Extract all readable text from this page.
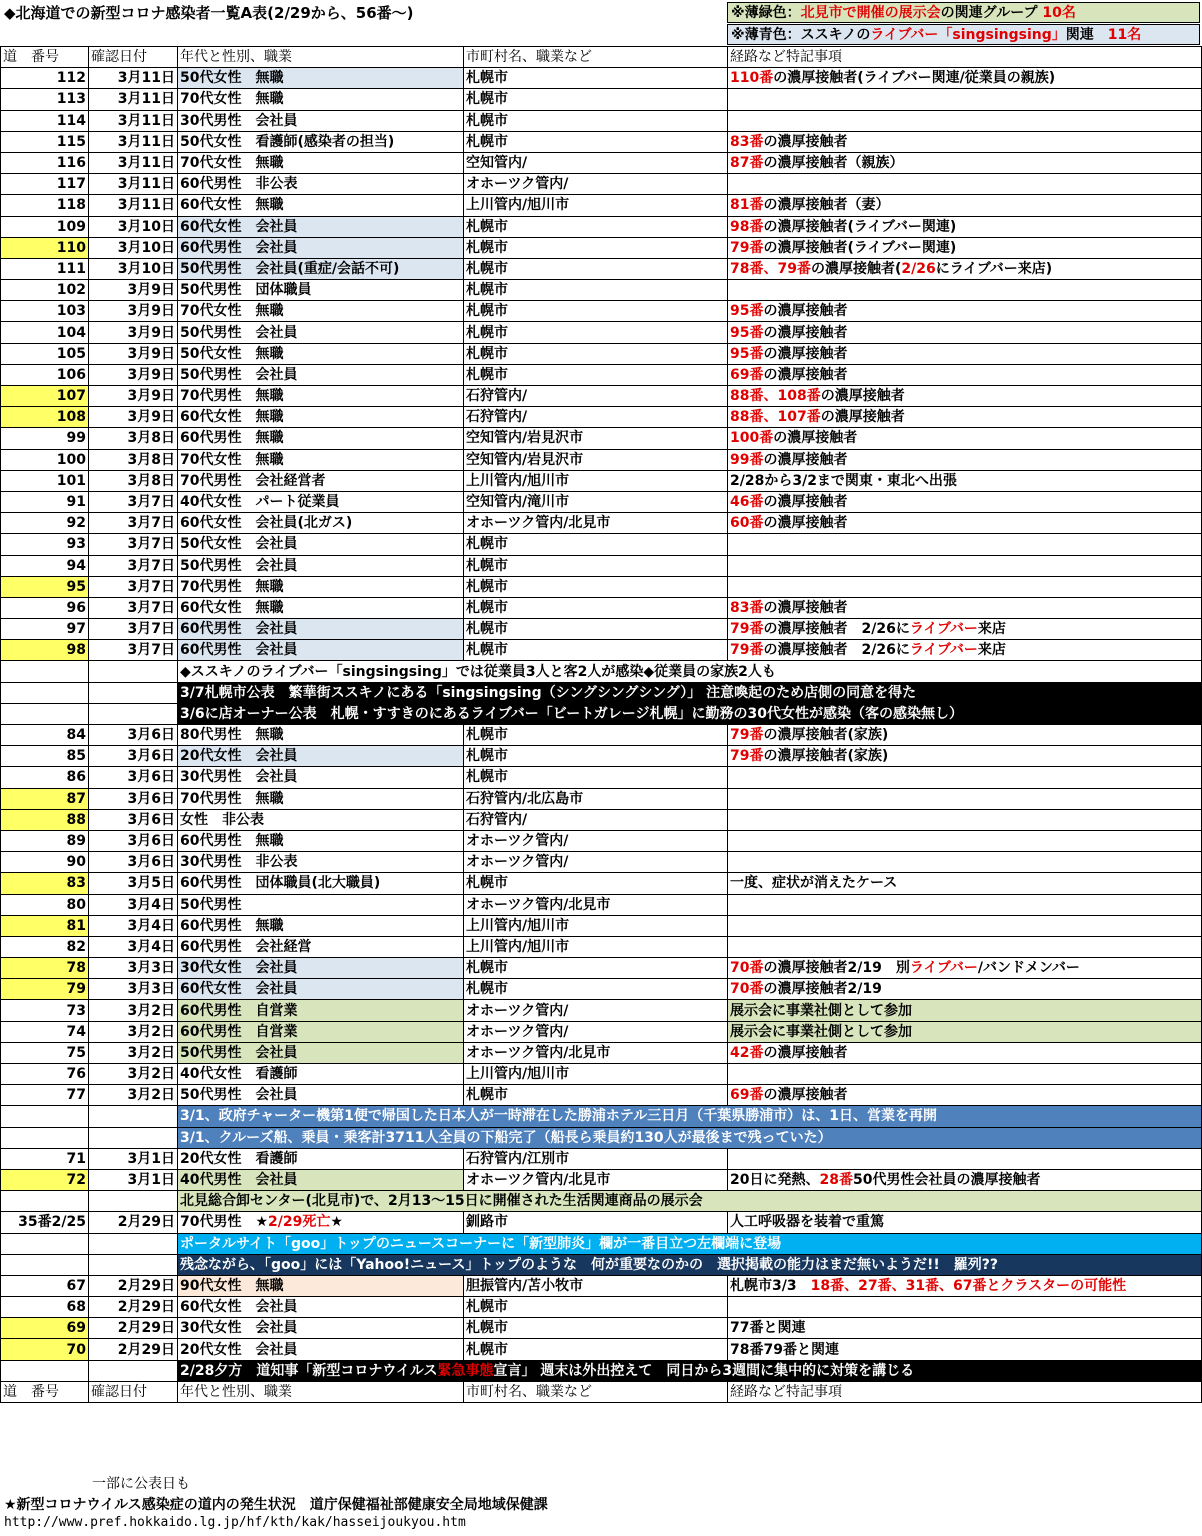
◆北海道での新型コロナ感染者一覧A表(2/29から、56番～)	※薄緑色：北見市で開催の展示会の関連グループ 10名
※薄青色：ススキノのライブバー「singsingsing」関連　11名
道　番号	確認日付	年代と性別、職業	市町村名、職業など	経路など特記事項
112	3月11日	50代女性　無職	札幌市	110番の濃厚接触者(ライブバー関連/従業員の親族)
113	3月11日	70代女性　無職	札幌市	
114	3月11日	30代男性　会社員	札幌市	
115	3月11日	50代女性　看護師(感染者の担当)	札幌市	83番の濃厚接触者
116	3月11日	70代女性　無職	空知管内/	87番の濃厚接触者（親族）
117	3月11日	60代男性　非公表	オホーツク管内/	
118	3月11日	60代女性　無職	上川管内/旭川市	81番の濃厚接触者（妻）
109	3月10日	60代女性　会社員	札幌市	98番の濃厚接触者(ライブバー関連)
110	3月10日	60代男性　会社員	札幌市	79番の濃厚接触者(ライブバー関連)
111	3月10日	50代男性　会社員(重症/会話不可)	札幌市	78番、79番の濃厚接触者(2/26にライブバー来店)
102	3月9日	50代男性　団体職員	札幌市	
103	3月9日	70代女性　無職	札幌市	95番の濃厚接触者
104	3月9日	50代男性　会社員	札幌市	95番の濃厚接触者
105	3月9日	50代女性　無職	札幌市	95番の濃厚接触者
106	3月9日	50代男性　会社員	札幌市	69番の濃厚接触者
107	3月9日	70代男性　無職	石狩管内/	88番、108番の濃厚接触者
108	3月9日	60代女性　無職	石狩管内/	88番、107番の濃厚接触者
99	3月8日	60代男性　無職	空知管内/岩見沢市	100番の濃厚接触者
100	3月8日	70代女性　無職	空知管内/岩見沢市	99番の濃厚接触者
101	3月8日	70代男性　会社経営者	上川管内/旭川市	2/28から3/2まで関東・東北へ出張
91	3月7日	40代女性　パート従業員	空知管内/滝川市	46番の濃厚接触者
92	3月7日	60代女性　会社員(北ガス)	オホーツク管内/北見市	60番の濃厚接触者
93	3月7日	50代女性　会社員	札幌市	
94	3月7日	50代男性　会社員	札幌市	
95	3月7日	70代男性　無職	札幌市	
96	3月7日	60代女性　無職	札幌市	83番の濃厚接触者
97	3月7日	60代男性　会社員	札幌市	79番の濃厚接触者　2/26にライブバー来店
98	3月7日	60代男性　会社員	札幌市	79番の濃厚接触者　2/26にライブバー来店
		◆ススキノのライブバー「singsingsing」では従業員3人と客2人が感染◆従業員の家族2人も		
		3/7札幌市公表　繁華街ススキノにある「singsingsing（シングシングシング）」 注意喚起のため店側の同意を得た		
		3/6に店オーナー公表　札幌・すすきのにあるライブバー「ビートガレージ札幌」に勤務の30代女性が感染（客の感染無し）		
84	3月6日	80代男性　無職	札幌市	79番の濃厚接触者(家族)
85	3月6日	20代女性　会社員	札幌市	79番の濃厚接触者(家族)
86	3月6日	30代男性　会社員	札幌市	
87	3月6日	70代男性　無職	石狩管内/北広島市	
88	3月6日	女性　非公表	石狩管内/	
89	3月6日	60代男性　無職	オホーツク管内/	
90	3月6日	30代男性　非公表	オホーツク管内/	
83	3月5日	60代男性　団体職員(北大職員)	札幌市	一度、症状が消えたケース
80	3月4日	50代男性	オホーツク管内/北見市	
81	3月4日	60代男性　無職	上川管内/旭川市	
82	3月4日	60代男性　会社経営	上川管内/旭川市	
78	3月3日	30代女性　会社員	札幌市	70番の濃厚接触者2/19　別ライブバー/バンドメンバー
79	3月3日	60代女性　会社員	札幌市	70番の濃厚接触者2/19
73	3月2日	60代男性　自営業	オホーツク管内/	展示会に事業社側として参加
74	3月2日	60代男性　自営業	オホーツク管内/	展示会に事業社側として参加
75	3月2日	50代男性　会社員	オホーツク管内/北見市	42番の濃厚接触者
76	3月2日	40代女性　看護師	上川管内/旭川市	
77	3月2日	50代男性　会社員	札幌市	69番の濃厚接触者
		3/1、政府チャーター機第1便で帰国した日本人が一時滞在した勝浦ホテル三日月（千葉県勝浦市）は、1日、営業を再開		
		3/1、クルーズ船、乗員・乗客計3711人全員の下船完了（船長ら乗員約130人が最後まで残っていた）		
71	3月1日	20代女性　看護師	石狩管内/江別市	
72	3月1日	40代男性　会社員	オホーツク管内/北見市	20日に発熱、28番50代男性会社員の濃厚接触者
		北見総合卸センター(北見市)で、2月13～15日に開催された生活関連商品の展示会		
35番2/25	2月29日	70代男性　★2/29死亡★	釧路市	人工呼吸器を装着で重篤
		ポータルサイト「goo」トップのニュースコーナーに「新型肺炎」欄が一番目立つ左欄端に登場		
		残念ながら、「goo」には「Yahoo!ニュース」トップのような　何が重要なのかの　選択掲載の能力はまだ無いようだ!!　羅列??		
67	2月29日	90代女性　無職	胆振管内/苫小牧市	札幌市3/3　18番、27番、31番、67番とクラスターの可能性
68	2月29日	60代女性　会社員	札幌市	
69	2月29日	30代女性　会社員	札幌市	77番と関連
70	2月29日	20代女性　会社員	札幌市	78番79番と関連
		2/28夕方　道知事「新型コロナウイルス緊急事態宣言」 週末は外出控えて　同日から3週間に集中的に対策を講じる		
道　番号	確認日付	年代と性別、職業	市町村名、職業など	経路など特記事項
一部に公表日も
★新型コロナウイルス感染症の道内の発生状況　道庁保健福祉部健康安全局地域保健課
http://www.pref.hokkaido.lg.jp/hf/kth/kak/hasseijoukyou.htm
